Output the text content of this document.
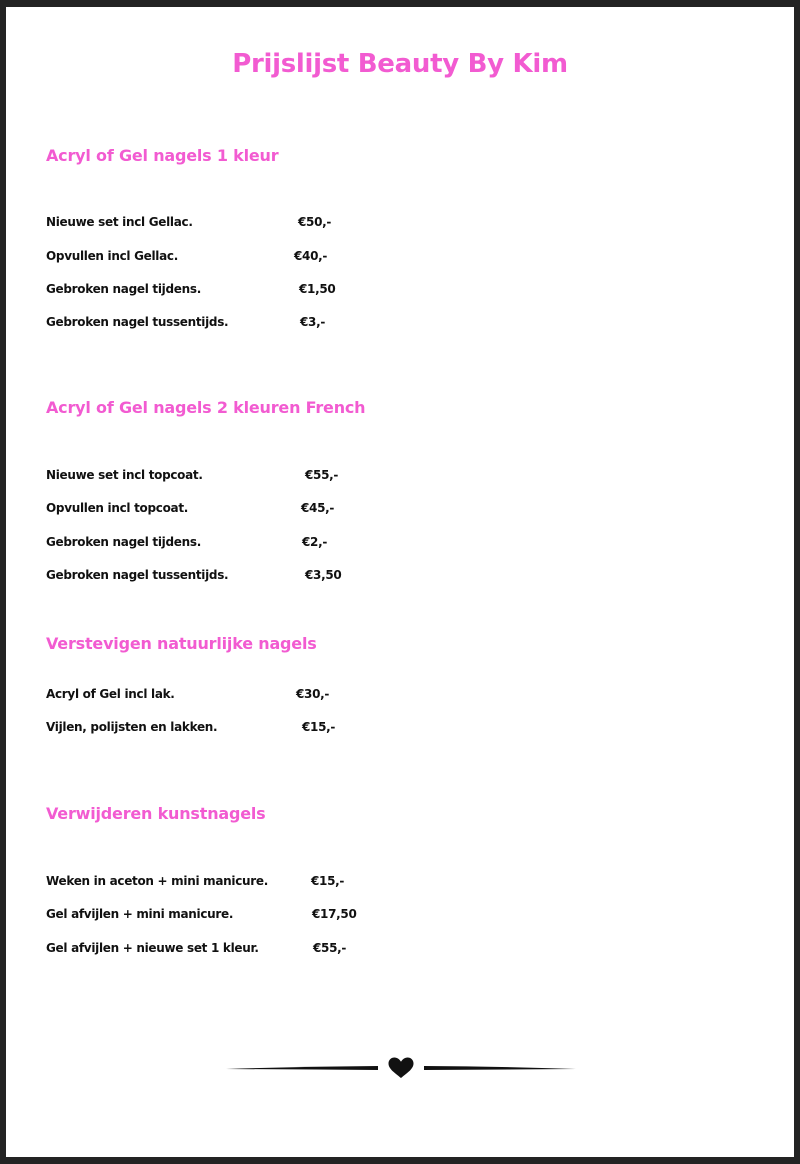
Prijslijst Beauty By Kim
Acryl of Gel nagels 1 kleur
Nieuwe set incl Gellac.	€50,-
Opvullen incl Gellac.	€40,-
Gebroken nagel tijdens.	€1,50
Gebroken nagel tussentijds.	€3,-
Acryl of Gel nagels 2 kleuren French
Nieuwe set incl topcoat.	€55,-
Opvullen incl topcoat.	€45,-
Gebroken nagel tijdens.	€2,-
Gebroken nagel tussentijds.	€3,50
Verstevigen natuurlijke nagels
Acryl of Gel incl lak.	€30,-
Vijlen, polijsten en lakken.	€15,-
Verwijderen kunstnagels
Weken in aceton + mini manicure.	€15,-
Gel afvijlen + mini manicure.	€17,50
Gel afvijlen + nieuwe set 1 kleur.	€55,-
